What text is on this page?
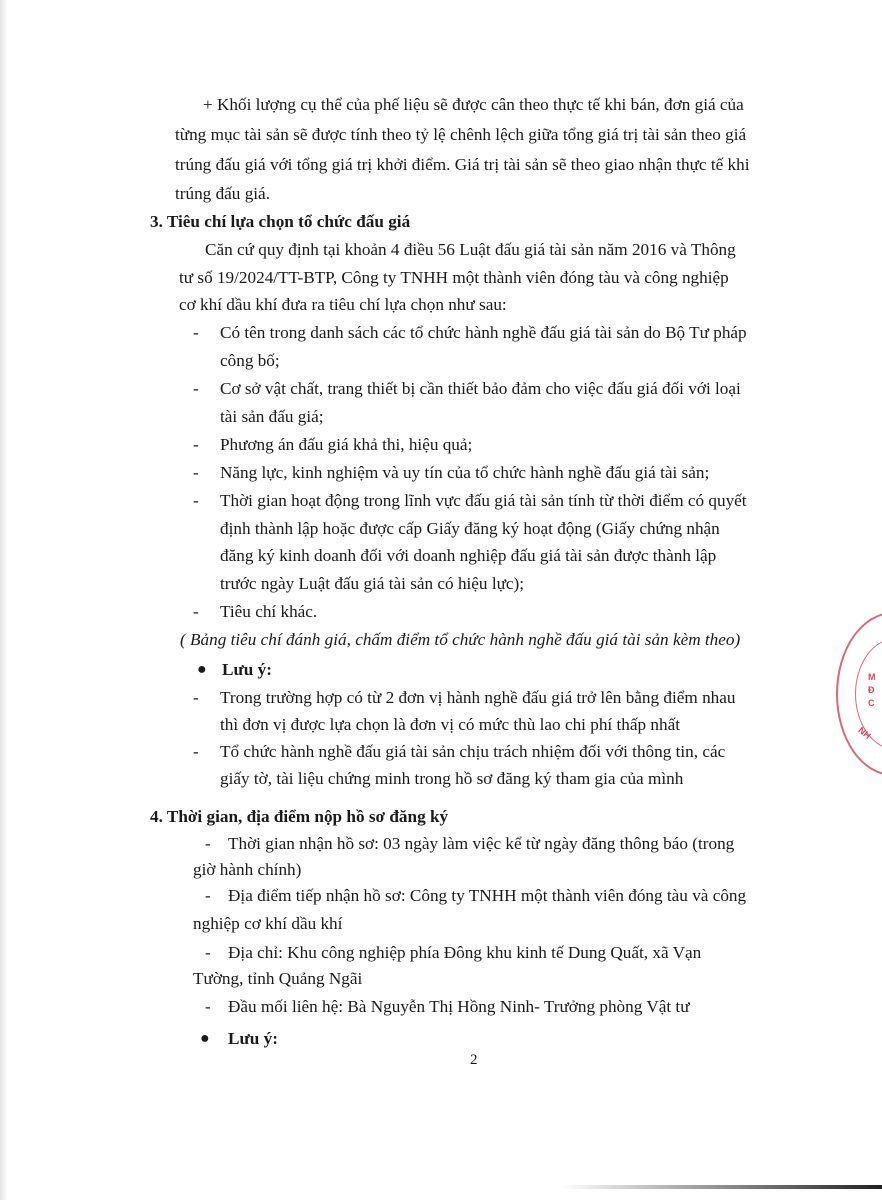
+ Khối lượng cụ thể của phế liệu sẽ được cân theo thực tế khi bán, đơn giá của
từng mục tài sản sẽ được tính theo tỷ lệ chênh lệch giữa tổng giá trị tài sản theo giá
trúng đấu giá với tổng giá trị khởi điểm. Giá trị tài sản sẽ theo giao nhận thực tế khi
trúng đấu giá.
3. Tiêu chí lựa chọn tổ chức đấu giá
Căn cứ quy định tại khoản 4 điều 56 Luật đấu giá tài sản năm 2016 và Thông
tư số 19/2024/TT-BTP, Công ty TNHH một thành viên đóng tàu và công nghiệp
cơ khí dầu khí đưa ra tiêu chí lựa chọn như sau:
- Có tên trong danh sách các tổ chức hành nghề đấu giá tài sản do Bộ Tư pháp
công bố;
- Cơ sở vật chất, trang thiết bị cần thiết bảo đảm cho việc đấu giá đối với loại
tài sản đấu giá;
- Phương án đấu giá khả thi, hiệu quả;
- Năng lực, kinh nghiệm và uy tín của tổ chức hành nghề đấu giá tài sản;
- Thời gian hoạt động trong lĩnh vực đấu giá tài sản tính từ thời điểm có quyết
định thành lập hoặc được cấp Giấy đăng ký hoạt động (Giấy chứng nhận
đăng ký kinh doanh đối với doanh nghiệp đấu giá tài sản được thành lập
trước ngày Luật đấu giá tài sản có hiệu lực);
- Tiêu chí khác.
( Bảng tiêu chí đánh giá, chấm điểm tổ chức hành nghề đấu giá tài sản kèm theo)
● Lưu ý:
- Trong trường hợp có từ 2 đơn vị hành nghề đấu giá trở lên bằng điểm nhau
thì đơn vị được lựa chọn là đơn vị có mức thù lao chi phí thấp nhất
- Tổ chức hành nghề đấu giá tài sản chịu trách nhiệm đối với thông tin, các
giấy tờ, tài liệu chứng minh trong hồ sơ đăng ký tham gia của mình
4. Thời gian, địa điểm nộp hồ sơ đăng ký
- Thời gian nhận hồ sơ: 03 ngày làm việc kể từ ngày đăng thông báo (trong
giờ hành chính)
- Địa điểm tiếp nhận hồ sơ: Công ty TNHH một thành viên đóng tàu và công
nghiệp cơ khí dầu khí
- Địa chỉ: Khu công nghiệp phía Đông khu kinh tế Dung Quất, xã Vạn
Tường, tỉnh Quảng Ngãi
- Đầu mối liên hệ: Bà Nguyễn Thị Hồng Ninh- Trưởng phòng Vật tư
● Lưu ý:
2
M
Đ
C
NH
